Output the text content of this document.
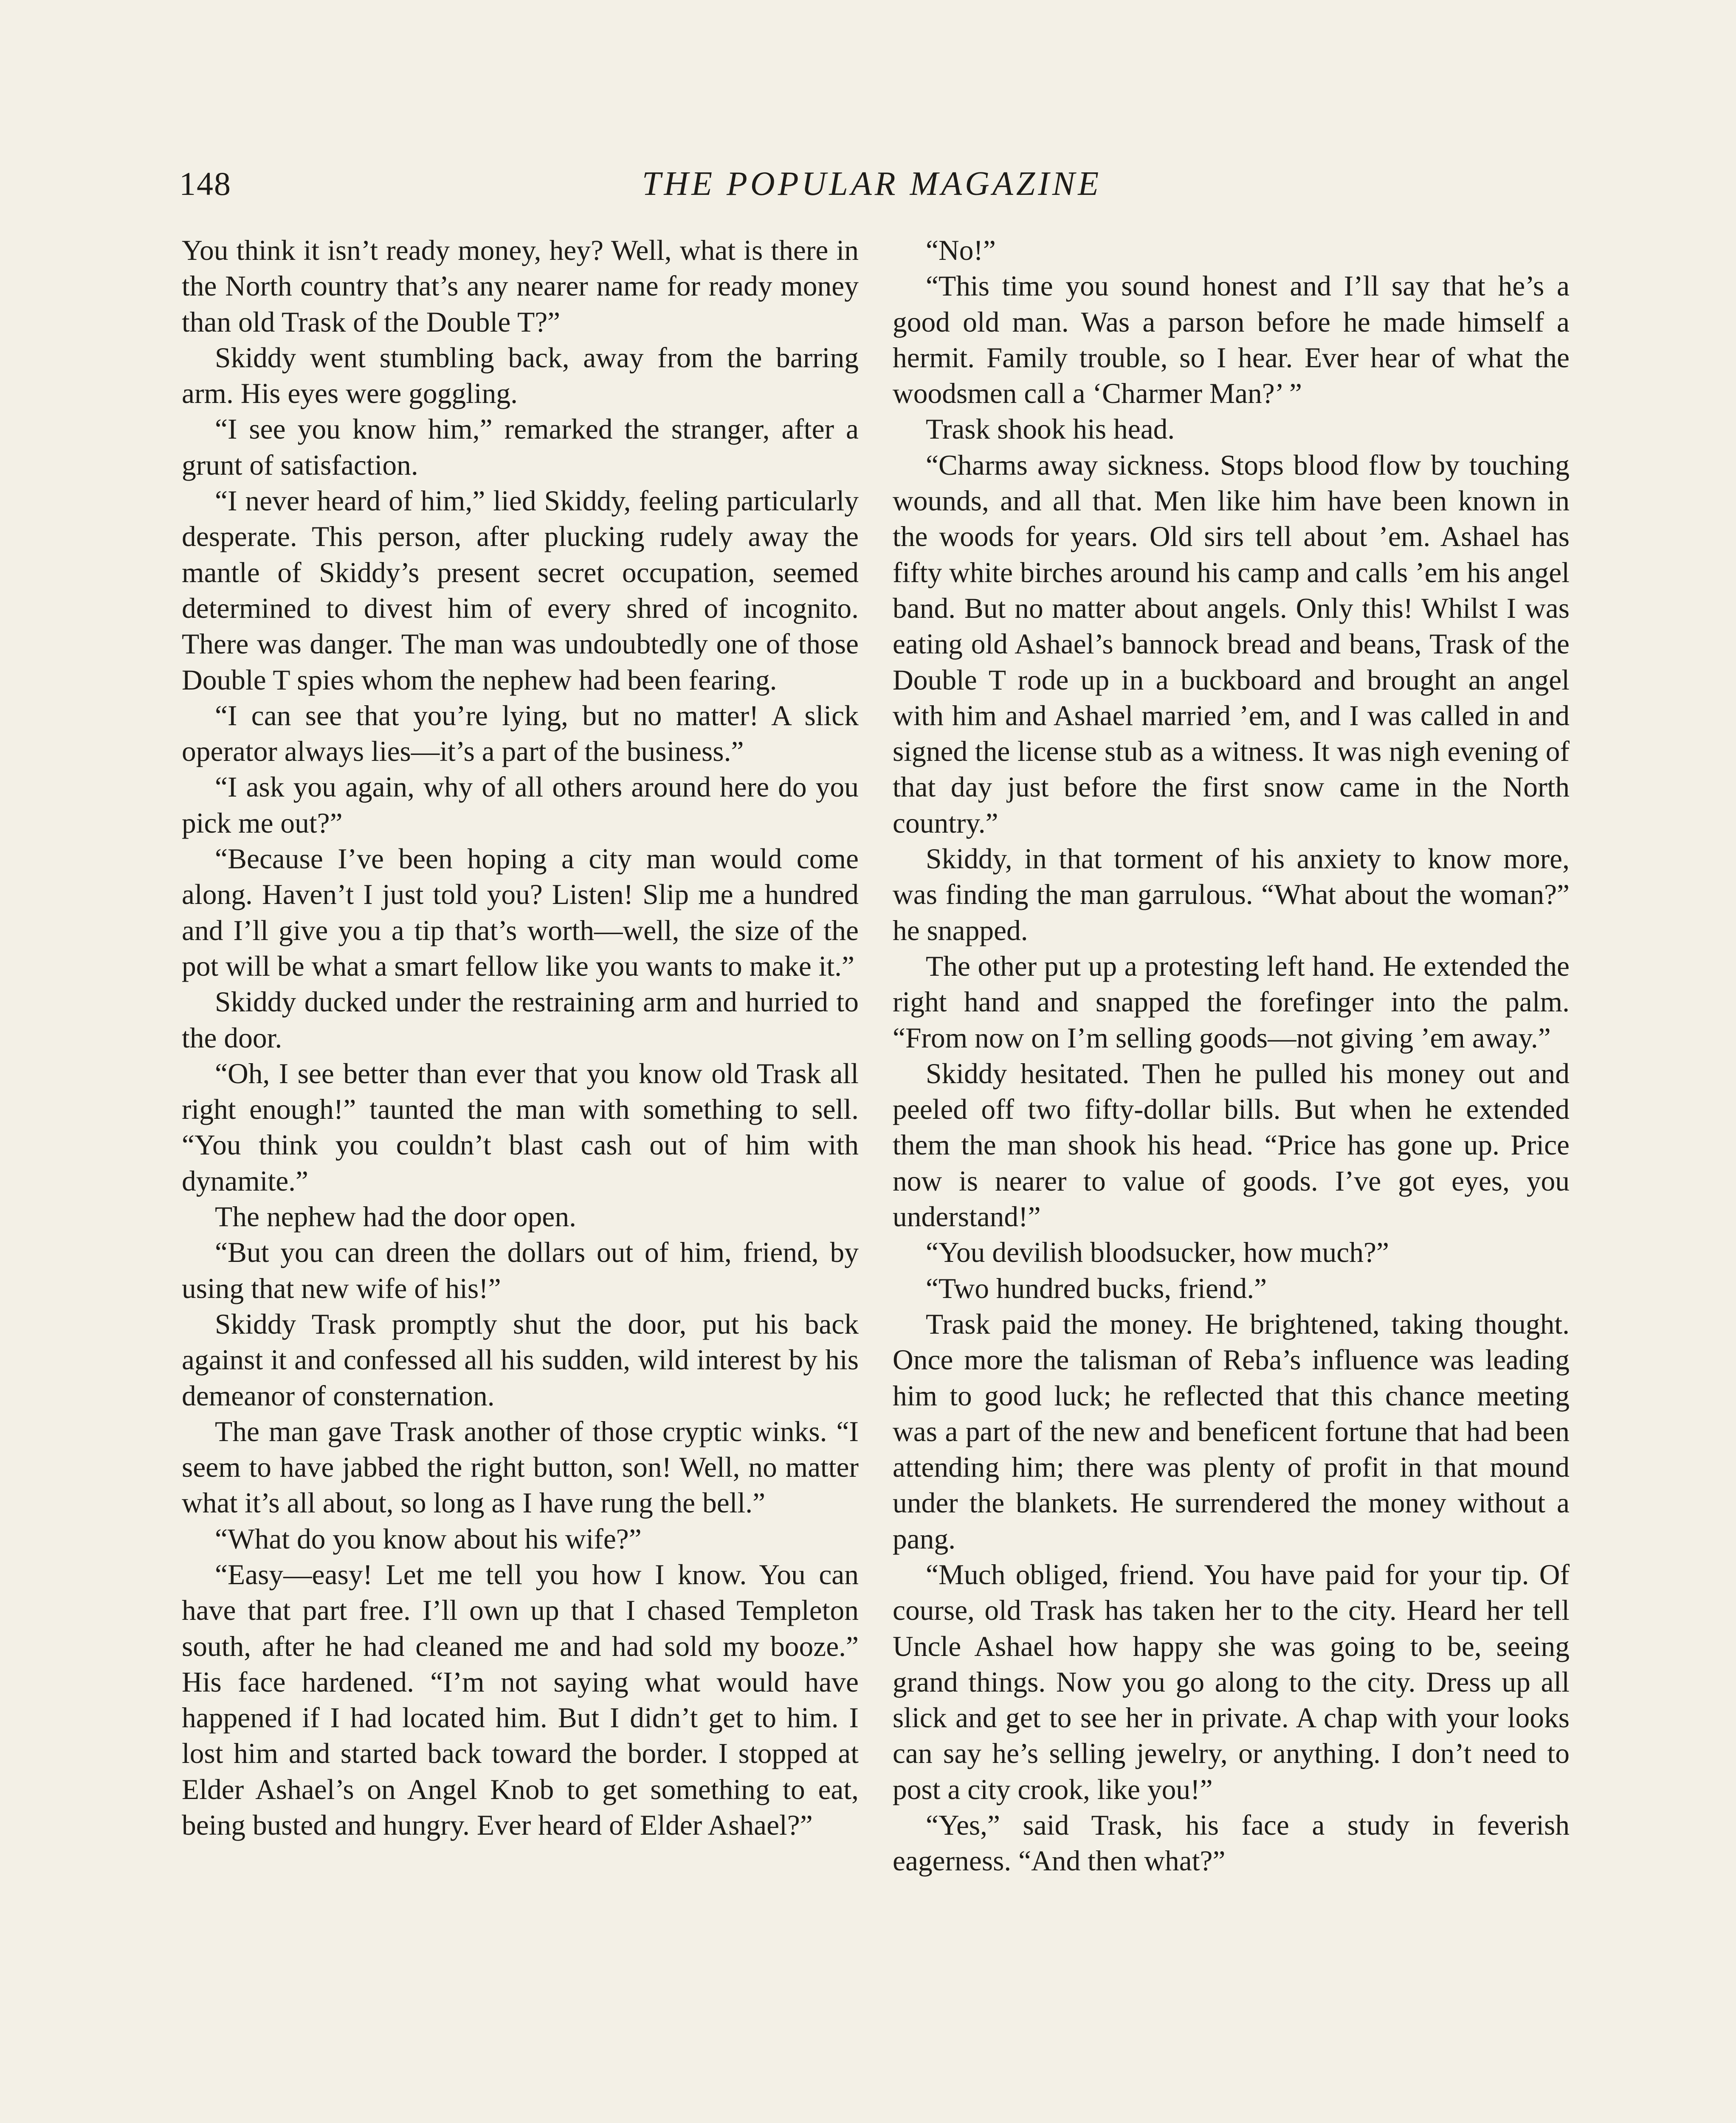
148	THE POPULAR MAGAZINE

You think it isn’t ready money, hey? Well, what is there in the North country that’s any nearer name for ready money than old Trask of the Double T?”

Skiddy went stumbling back, away from the barring arm. His eyes were goggling.

“I see you know him,” remarked the stranger, after a grunt of satisfaction.

“I never heard of him,” lied Skiddy, feeling particularly desperate. This person, after plucking rudely away the mantle of Skiddy’s present secret occupation, seemed determined to divest him of every shred of incognito. There was danger. The man was undoubtedly one of those Double T spies whom the nephew had been fearing.

“I can see that you’re lying, but no matter! A slick operator always lies—it’s a part of the business.”

“I ask you again, why of all others around here do you pick me out?”

“Because I’ve been hoping a city man would come along. Haven’t I just told you? Listen! Slip me a hundred and I’ll give you a tip that’s worth—well, the size of the pot will be what a smart fellow like you wants to make it.”

Skiddy ducked under the restraining arm and hurried to the door.

“Oh, I see better than ever that you know old Trask all right enough!” taunted the man with something to sell. “You think you couldn’t blast cash out of him with dynamite.”

The nephew had the door open.

“But you can dreen the dollars out of him, friend, by using that new wife of his!”

Skiddy Trask promptly shut the door, put his back against it and confessed all his sudden, wild interest by his demeanor of consternation.

The man gave Trask another of those cryptic winks. “I seem to have jabbed the right button, son! Well, no matter what it’s all about, so long as I have rung the bell.”

“What do you know about his wife?”

“Easy—easy! Let me tell you how I know. You can have that part free. I’ll own up that I chased Templeton south, after he had cleaned me and had sold my booze.” His face hardened. “I’m not saying what would have happened if I had located him. But I didn’t get to him. I lost him and started back toward the border. I stopped at Elder Ashael’s on Angel Knob to get something to eat, being busted and hungry. Ever heard of Elder Ashael?”

“No!”

“This time you sound honest and I’ll say that he’s a good old man. Was a parson before he made himself a hermit. Family trouble, so I hear. Ever hear of what the woodsmen call a ‘Charmer Man?’ ”

Trask shook his head.

“Charms away sickness. Stops blood flow by touching wounds, and all that. Men like him have been known in the woods for years. Old sirs tell about ’em. Ashael has fifty white birches around his camp and calls ’em his angel band. But no matter about angels. Only this! Whilst I was eating old Ashael’s bannock bread and beans, Trask of the Double T rode up in a buckboard and brought an angel with him and Ashael married ’em, and I was called in and signed the license stub as a witness. It was nigh evening of that day just before the first snow came in the North country.”

Skiddy, in that torment of his anxiety to know more, was finding the man garrulous. “What about the woman?” he snapped.

The other put up a protesting left hand. He extended the right hand and snapped the forefinger into the palm. “From now on I’m selling goods—not giving ’em away.”

Skiddy hesitated. Then he pulled his money out and peeled off two fifty-dollar bills. But when he extended them the man shook his head. “Price has gone up. Price now is nearer to value of goods. I’ve got eyes, you understand!”

“You devilish bloodsucker, how much?”

“Two hundred bucks, friend.”

Trask paid the money. He brightened, taking thought. Once more the talisman of Reba’s influence was leading him to good luck; he reflected that this chance meeting was a part of the new and beneficent fortune that had been attending him; there was plenty of profit in that mound under the blankets. He surrendered the money without a pang.

“Much obliged, friend. You have paid for your tip. Of course, old Trask has taken her to the city. Heard her tell Uncle Ashael how happy she was going to be, seeing grand things. Now you go along to the city. Dress up all slick and get to see her in private. A chap with your looks can say he’s selling jewelry, or anything. I don’t need to post a city crook, like you!”

“Yes,” said Trask, his face a study in feverish eagerness. “And then what?”
